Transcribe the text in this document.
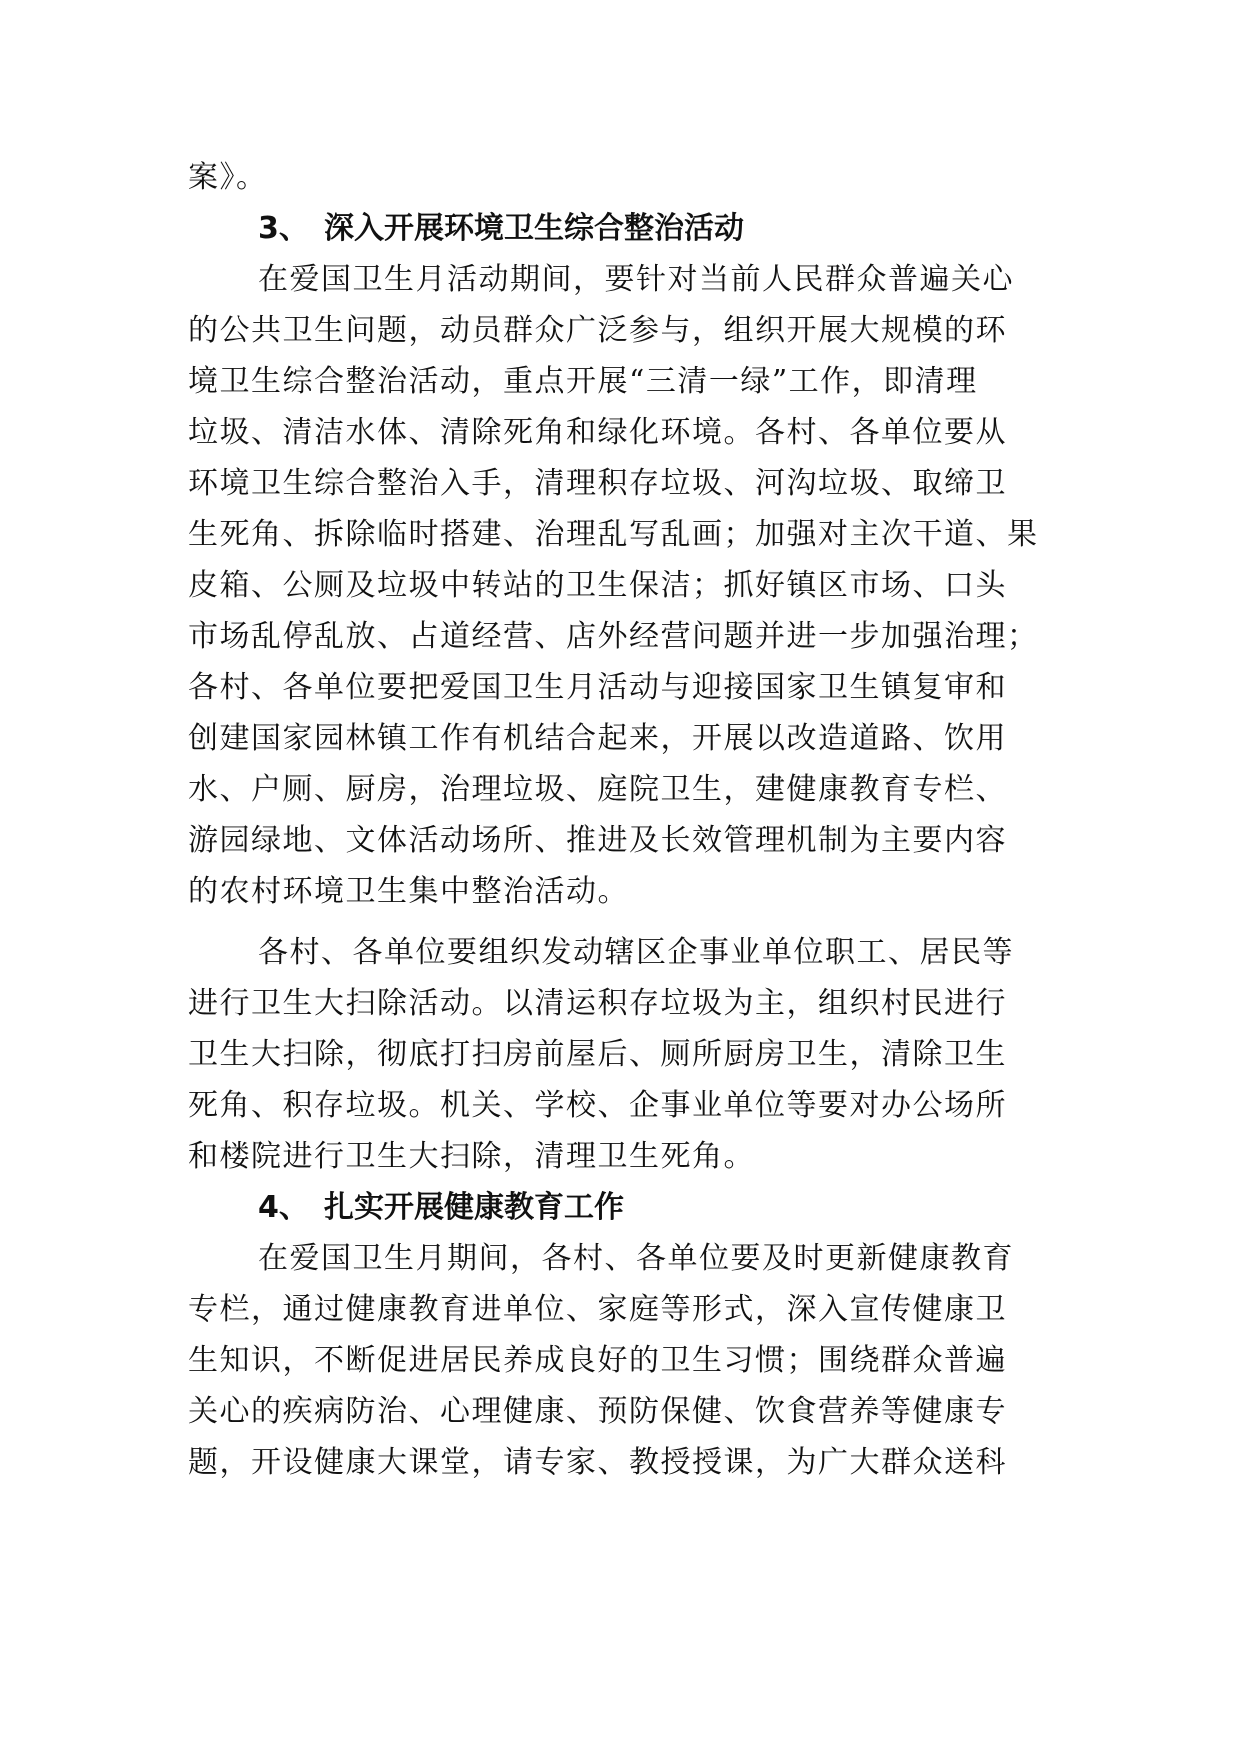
案》。
3、 深入开展环境卫生综合整治活动
在爱国卫生月活动期间，要针对当前人民群众普遍关心
的公共卫生问题，动员群众广泛参与，组织开展大规模的环
境卫生综合整治活动，重点开展“三清一绿”工作，即清理
垃圾、清洁水体、清除死角和绿化环境。各村、各单位要从
环境卫生综合整治入手，清理积存垃圾、河沟垃圾、取缔卫
生死角、拆除临时搭建、治理乱写乱画；加强对主次干道、果
皮箱、公厕及垃圾中转站的卫生保洁；抓好镇区市场、口头
市场乱停乱放、占道经营、店外经营问题并进一步加强治理；
各村、各单位要把爱国卫生月活动与迎接国家卫生镇复审和
创建国家园林镇工作有机结合起来，开展以改造道路、饮用
水、户厕、厨房，治理垃圾、庭院卫生，建健康教育专栏、
游园绿地、文体活动场所、推进及长效管理机制为主要内容
的农村环境卫生集中整治活动。
各村、各单位要组织发动辖区企事业单位职工、居民等
进行卫生大扫除活动。以清运积存垃圾为主，组织村民进行
卫生大扫除，彻底打扫房前屋后、厕所厨房卫生，清除卫生
死角、积存垃圾。机关、学校、企事业单位等要对办公场所
和楼院进行卫生大扫除，清理卫生死角。
4、 扎实开展健康教育工作
在爱国卫生月期间，各村、各单位要及时更新健康教育
专栏，通过健康教育进单位、家庭等形式，深入宣传健康卫
生知识，不断促进居民养成良好的卫生习惯；围绕群众普遍
关心的疾病防治、心理健康、预防保健、饮食营养等健康专
题，开设健康大课堂，请专家、教授授课，为广大群众送科
